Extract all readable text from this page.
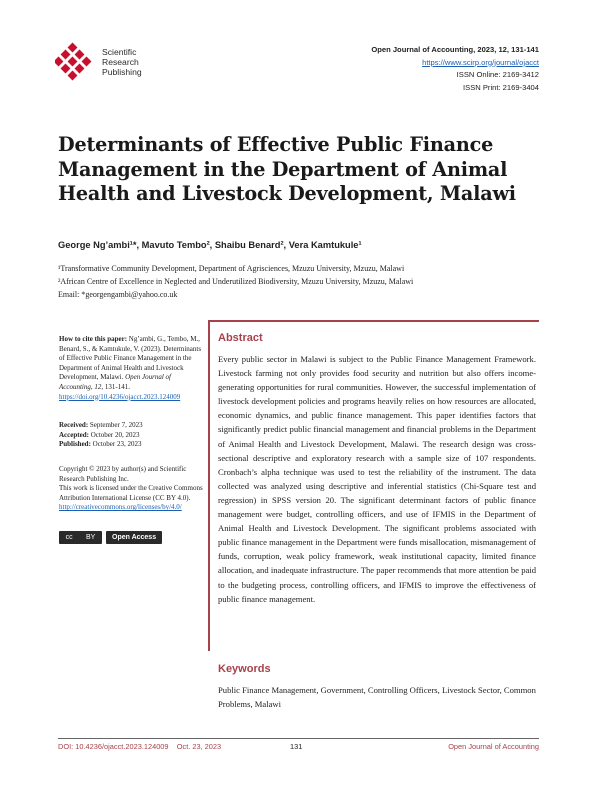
Scientific
Research
Publishing
Open Journal of Accounting, 2023, 12, 131-141
https://www.scirp.org/journal/ojacct
ISSN Online: 2169-3412
ISSN Print: 2169-3404
Determinants of Effective Public Finance Management in the Department of Animal Health and Livestock Development, Malawi
George Ng’ambi¹*, Mavuto Tembo², Shaibu Benard², Vera Kamtukule¹
¹Transformative Community Development, Department of Agrisciences, Mzuzu University, Mzuzu, Malawi
²African Centre of Excellence in Neglected and Underutilized Biodiversity, Mzuzu University, Mzuzu, Malawi
Email: *georgengambi@yahoo.co.uk
How to cite this paper: Ng’ambi, G., Tembo, M., Benard, S., & Kamtukule, V. (2023). Determinants of Effective Public Finance Management in the Department of Animal Health and Livestock Development, Malawi. Open Journal of Accounting, 12, 131-141.
https://doi.org/10.4236/ojacct.2023.124009
Received: September 7, 2023
Accepted: October 20, 2023
Published: October 23, 2023
Copyright © 2023 by author(s) and Scientific Research Publishing Inc.
This work is licensed under the Creative Commons Attribution International License (CC BY 4.0).
http://creativecommons.org/licenses/by/4.0/
cc BY	Open Access
Abstract
Every public sector in Malawi is subject to the Public Finance Management Framework. Livestock farming not only provides food security and nutrition but also offers income-generating opportunities for rural communities. However, the successful implementation of livestock development policies and programs heavily relies on how resources are allocated, economic dynamics, and public finance management. This paper identifies factors that significantly predict public financial management and financial problems in the Department of Animal Health and Livestock Development, Malawi. The research design was cross-sectional descriptive and exploratory research with a sample size of 107 respondents. Cronbach’s alpha technique was used to test the reliability of the instrument. The data collected was analyzed using descriptive and inferential statistics (Chi-Square test and regression) in SPSS version 20. The significant determinant factors of public finance management were budget, controlling officers, and use of IFMIS in the Department of Animal Health and Livestock Development. The significant problems associated with public finance management in the Department were funds misallocation, mismanagement of funds, corruption, weak policy framework, weak institutional capacity, limited finance allocation, and inadequate infrastructure. The paper recommends that more attention be paid to the budgeting process, controlling officers, and IFMIS to improve the effectiveness of public finance management.
Keywords
Public Finance Management, Government, Controlling Officers, Livestock Sector, Common Problems, Malawi
DOI: 10.4236/ojacct.2023.124009    Oct. 23, 2023	131	Open Journal of Accounting
